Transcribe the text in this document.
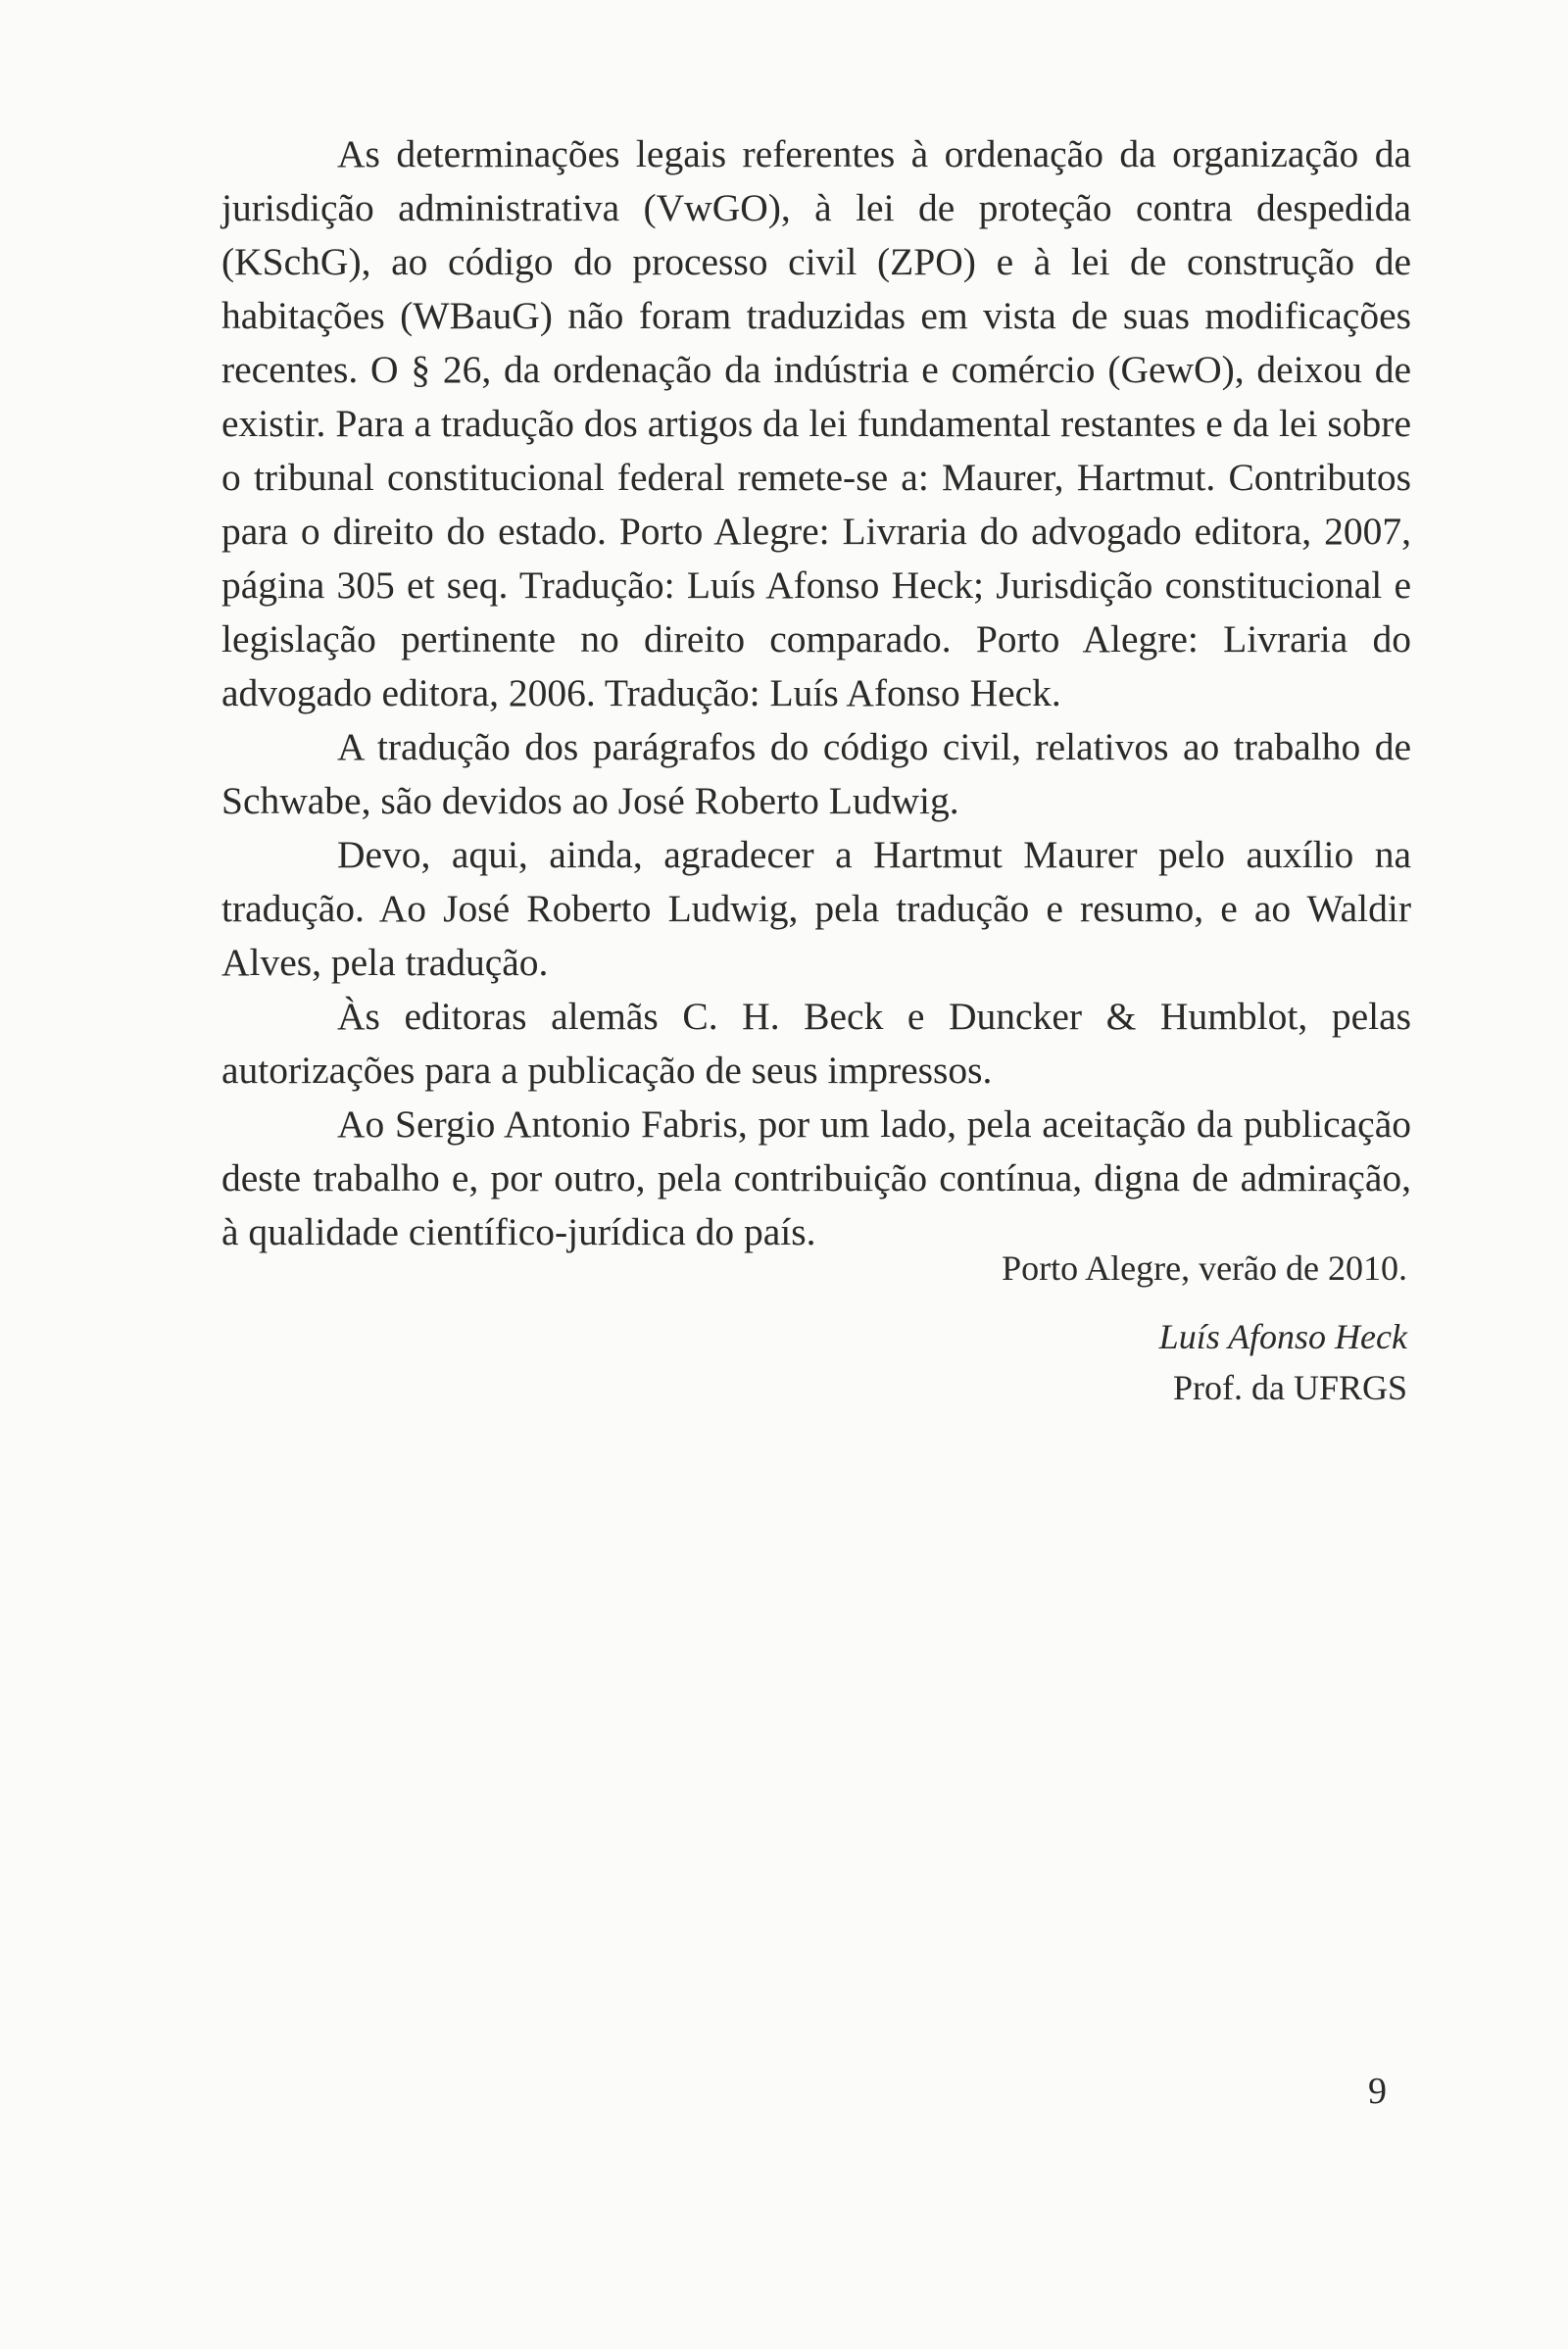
As determinações legais referentes à ordenação da organização da jurisdição administrativa (VwGO), à lei de proteção contra despedida (KSchG), ao código do processo civil (ZPO) e à lei de construção de habitações (WBauG) não foram traduzidas em vista de suas modificações recentes. O § 26, da ordenação da indústria e comércio (GewO), deixou de existir. Para a tradução dos artigos da lei fundamental restantes e da lei sobre o tribunal constitucional federal remete-se a: Maurer, Hartmut. Contributos para o direito do estado. Porto Alegre: Livraria do advogado editora, 2007, página 305 et seq. Tradução: Luís Afonso Heck; Jurisdição constitucional e legislação pertinente no direito comparado. Porto Alegre: Livraria do advogado editora, 2006. Tradução: Luís Afonso Heck.

A tradução dos parágrafos do código civil, relativos ao trabalho de Schwabe, são devidos ao José Roberto Ludwig.

Devo, aqui, ainda, agradecer a Hartmut Maurer pelo auxílio na tradução. Ao José Roberto Ludwig, pela tradução e resumo, e ao Waldir Alves, pela tradução.

Às editoras alemãs C. H. Beck e Duncker & Humblot, pelas autorizações para a publicação de seus impressos.

Ao Sergio Antonio Fabris, por um lado, pela aceitação da publicação deste trabalho e, por outro, pela contribuição contínua, digna de admiração, à qualidade científico-jurídica do país.

Porto Alegre, verão de 2010.
Luís Afonso Heck
Prof. da UFRGS
9
